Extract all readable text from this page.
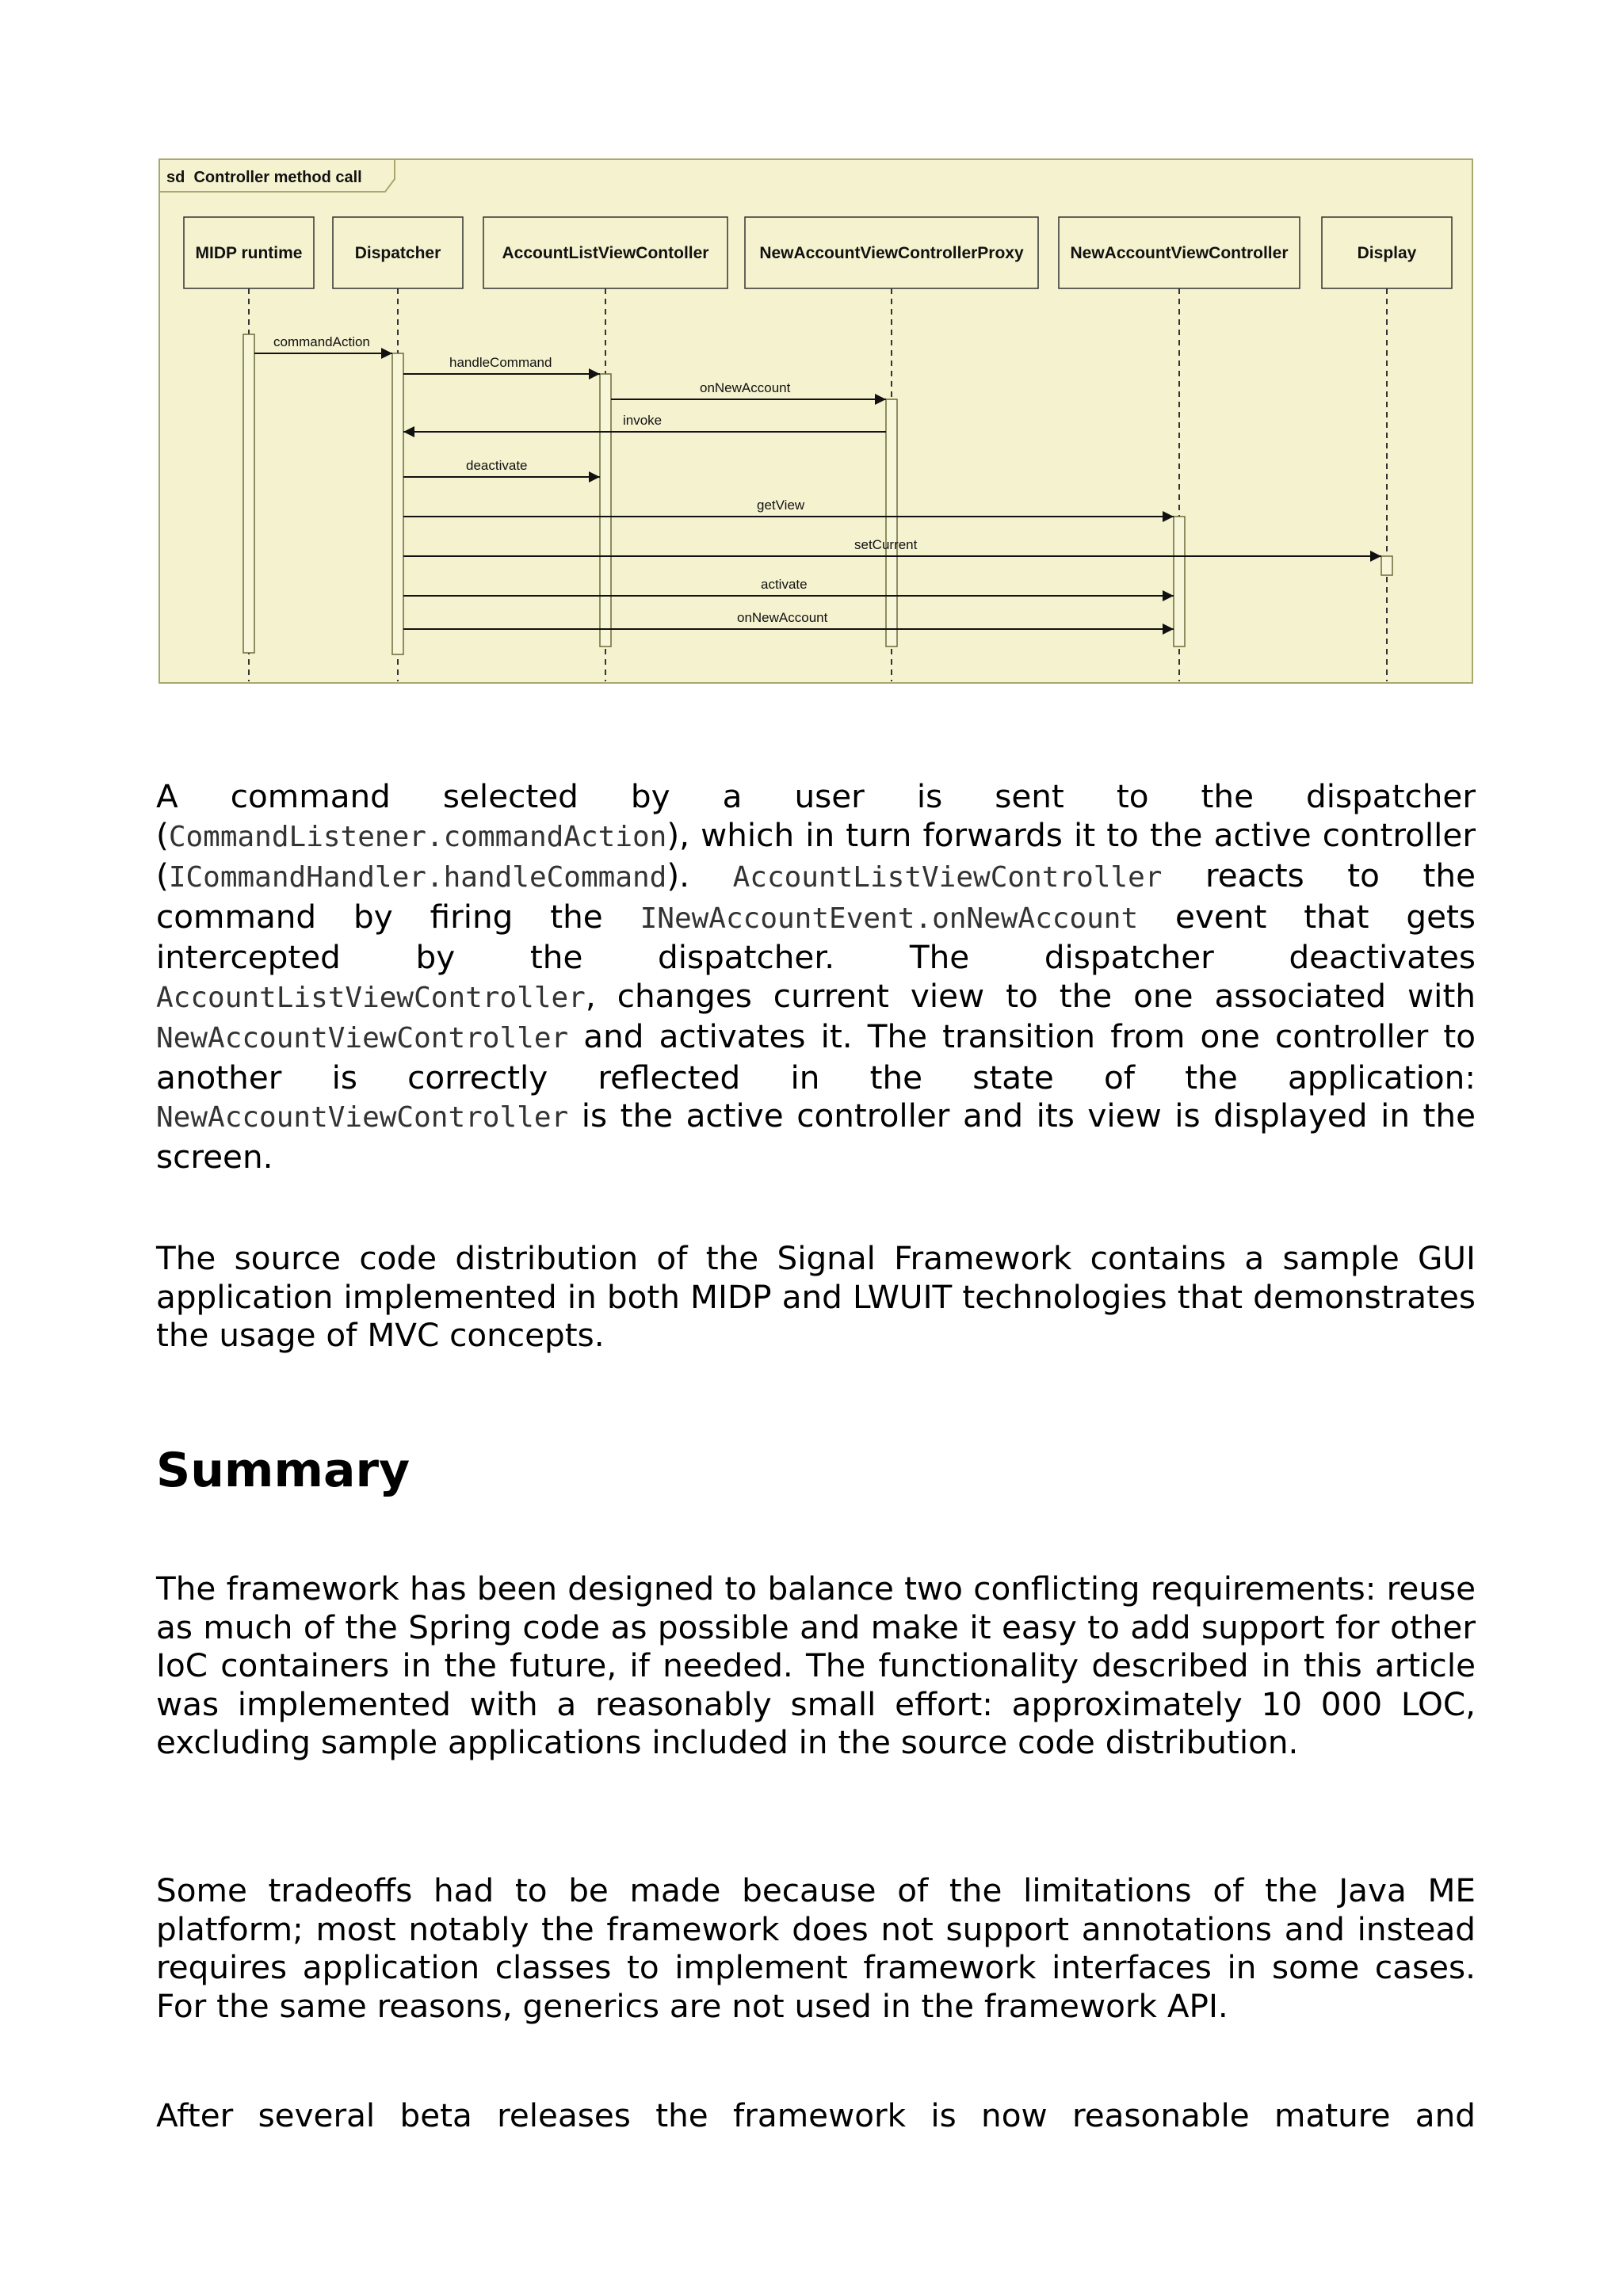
sd  Controller method call
MIDP runtime	Dispatcher	AccountListViewContoller	NewAccountViewControllerProxy	NewAccountViewController	Display
commandAction
handleCommand
onNewAccount
invoke
deactivate
getView
setCurrent
activate
onNewAccount

A command selected by a user is sent to the dispatcher (CommandListener.commandAction), which in turn forwards it to the active controller (ICommandHandler.handleCommand). AccountListViewController reacts to the command by firing the INewAccountEvent.onNewAccount event that gets intercepted by the dispatcher. The dispatcher deactivates AccountListViewController, changes current view to the one associated with NewAccountViewController and activates it. The transition from one controller to another is correctly reflected in the state of the application: NewAccountViewController is the active controller and its view is displayed in the screen.

The source code distribution of the Signal Framework contains a sample GUI application implemented in both MIDP and LWUIT technologies that demonstrates the usage of MVC concepts.

Summary

The framework has been designed to balance two conflicting requirements: reuse as much of the Spring code as possible and make it easy to add support for other IoC containers in the future, if needed. The functionality described in this article was implemented with a reasonably small effort: approximately 10 000 LOC, excluding sample applications included in the source code distribution.

Some tradeoffs had to be made because of the limitations of the Java ME platform; most notably the framework does not support annotations and instead requires application classes to implement framework interfaces in some cases. For the same reasons, generics are not used in the framework API.

After several beta releases the framework is now reasonable mature and
